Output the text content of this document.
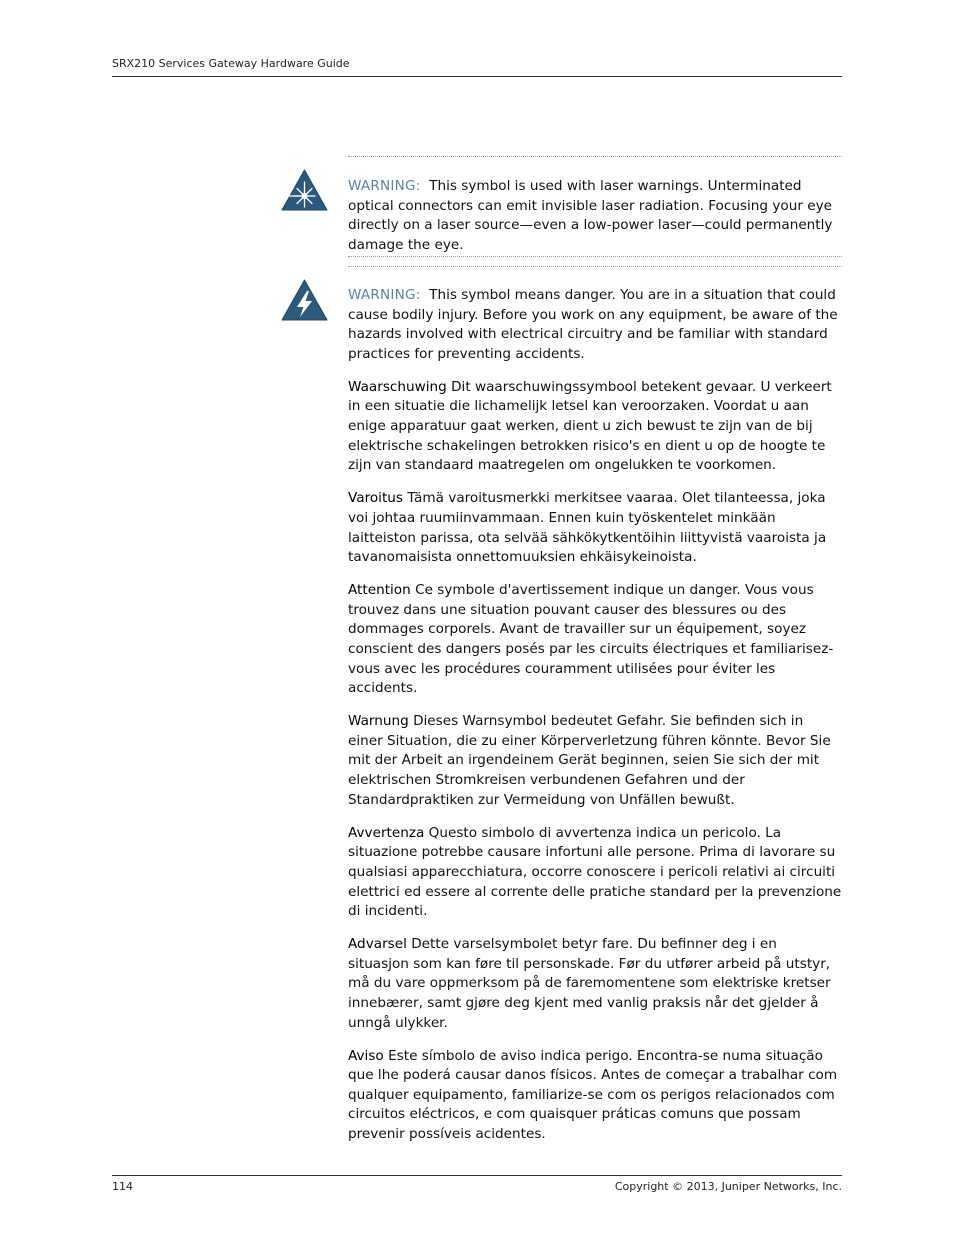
SRX210 Services Gateway Hardware Guide
WARNING: This symbol is used with laser warnings. Unterminated optical connectors can emit invisible laser radiation. Focusing your eye directly on a laser source—even a low-power laser—could permanently damage the eye.

WARNING: This symbol means danger. You are in a situation that could cause bodily injury. Before you work on any equipment, be aware of the hazards involved with electrical circuitry and be familiar with standard practices for preventing accidents.

Waarschuwing Dit waarschuwingssymbool betekent gevaar. U verkeert in een situatie die lichamelijk letsel kan veroorzaken. Voordat u aan enige apparatuur gaat werken, dient u zich bewust te zijn van de bij elektrische schakelingen betrokken risico's en dient u op de hoogte te zijn van standaard maatregelen om ongelukken te voorkomen.

Varoitus Tämä varoitusmerkki merkitsee vaaraa. Olet tilanteessa, joka voi johtaa ruumiinvammaan. Ennen kuin työskentelet minkään laitteiston parissa, ota selvää sähkökytkentöihin liittyvistä vaaroista ja tavanomaisista onnettomuuksien ehkäisykeinoista.

Attention Ce symbole d'avertissement indique un danger. Vous vous trouvez dans une situation pouvant causer des blessures ou des dommages corporels. Avant de travailler sur un équipement, soyez conscient des dangers posés par les circuits électriques et familiarisez-vous avec les procédures couramment utilisées pour éviter les accidents.

Warnung Dieses Warnsymbol bedeutet Gefahr. Sie befinden sich in einer Situation, die zu einer Körperverletzung führen könnte. Bevor Sie mit der Arbeit an irgendeinem Gerät beginnen, seien Sie sich der mit elektrischen Stromkreisen verbundenen Gefahren und der Standardpraktiken zur Vermeidung von Unfällen bewußt.

Avvertenza Questo simbolo di avvertenza indica un pericolo. La situazione potrebbe causare infortuni alle persone. Prima di lavorare su qualsiasi apparecchiatura, occorre conoscere i pericoli relativi ai circuiti elettrici ed essere al corrente delle pratiche standard per la prevenzione di incidenti.

Advarsel Dette varselsymbolet betyr fare. Du befinner deg i en situasjon som kan føre til personskade. Før du utfører arbeid på utstyr, må du vare oppmerksom på de faremomentene som elektriske kretser innebærer, samt gjøre deg kjent med vanlig praksis når det gjelder å unngå ulykker.

Aviso Este símbolo de aviso indica perigo. Encontra-se numa situação que lhe poderá causar danos físicos. Antes de começar a trabalhar com qualquer equipamento, familiarize-se com os perigos relacionados com circuitos eléctricos, e com quaisquer práticas comuns que possam prevenir possíveis acidentes.

114	Copyright © 2013, Juniper Networks, Inc.
